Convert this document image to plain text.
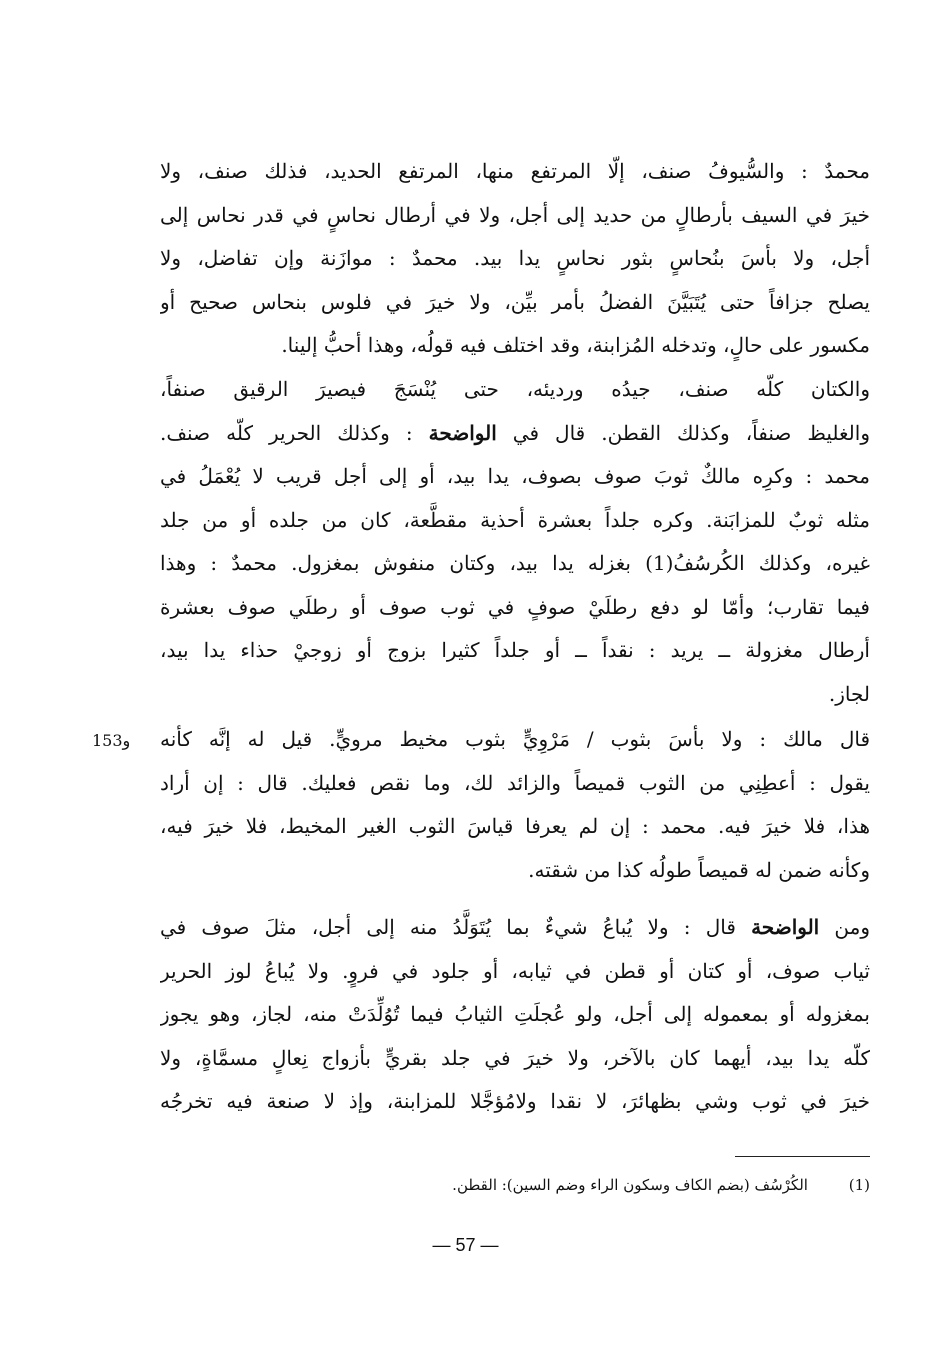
محمدٌ : والسُّيوفُ صنف، إلّا المرتفع منها، المرتفع الحديد، فذلك صنف، ولا
خيرَ في السيف بأرطالٍ من حديد إلى أجل، ولا في أرطال نحاسٍ في قدر نحاس إلى
أجل، ولا بأسَ بنُحاسٍ بثور نحاسٍ يدا بيد. محمدٌ : موازَنة وإن تفاضل، ولا
يصلح جزافاً حتى يُتَبَيَّنَ الفضلُ بأمر بيِّن، ولا خيرَ في فلوس بنحاس صحيح أو
مكسور على حالٍ، وتدخله المُزابنة، وقد اختلف فيه قولُه، وهذا أحبُّ إلينا.
والكتان كلّه صنف، جيدُه ورديئه، حتى يُنْسَجَ فيصيرَ الرقيق صنفاً،
والغليظ صنفاً، وكذلك القطن. قال في الواضحة : وكذلك الحرير كلّه صنف.
محمد : وكرِه مالكٌ ثوبَ صوف بصوف، يدا بيد، أو إلى أجل قريب لا يُعْمَلُ في
مثله ثوبٌ للمزابَنة. وكره جلداً بعشرة أحذية مقطَّعة، كان من جلده أو من جلد
غيره، وكذلك الكُرسُفُ(1) بغزله يدا بيد، وكتان منفوش بمغزول. محمدٌ : وهذا
فيما تقارب؛ وأمّا لو دفع رطلَيْ صوفٍ في ثوب صوف أو رطلَي صوف بعشرة
أرطال مغزولة ــ يريد : نقداً ــ أو جلداً كثيرا بزوج أو زوجيْ حذاء يدا بيد،
لجاز.
153و قال مالك : ولا بأسَ بثوب / مَرْوِيٍّ بثوب مخيط مرويٍّ. قيل له إنَّه كأنه
يقول : أعطِنِي من الثوب قميصاً والزائد لك، وما نقص فعليك. قال : إن أراد
هذا، فلا خيرَ فيه. محمد : إن لم يعرفا قياسَ الثوب الغير المخيط، فلا خيرَ فيه،
وكأنه ضمن له قميصاً طولُه كذا من شقته.
ومن الواضحة قال : ولا يُباعُ شيءٌ بما يُتَوَلَّدُ منه إلى أجل، مثلَ صوف في
ثياب صوف، أو كتان أو قطن في ثيابه، أو جلود في فروٍ. ولا يُباعُ لوز الحرير
بمغزوله أو بمعموله إلى أجل، ولو عُجلَتِ الثيابُ فيما تُوُلِّدَتْ منه، لجاز، وهو يجوز
كلّه يدا بيد، أيهما كان بالآخر، ولا خيرَ في جلد بقريٍّ بأزواج نِعالٍ مسمَّاةٍ، ولا
خيرَ في ثوب وشي بظهائرَ، لا نقدا ولامُؤجَّلا للمزابنة، وإذ لا صنعة فيه تخرجُه
(1) الكُرْسُف (بضم الكاف وسكون الراء وضم السين): القطن.
— 57 —
